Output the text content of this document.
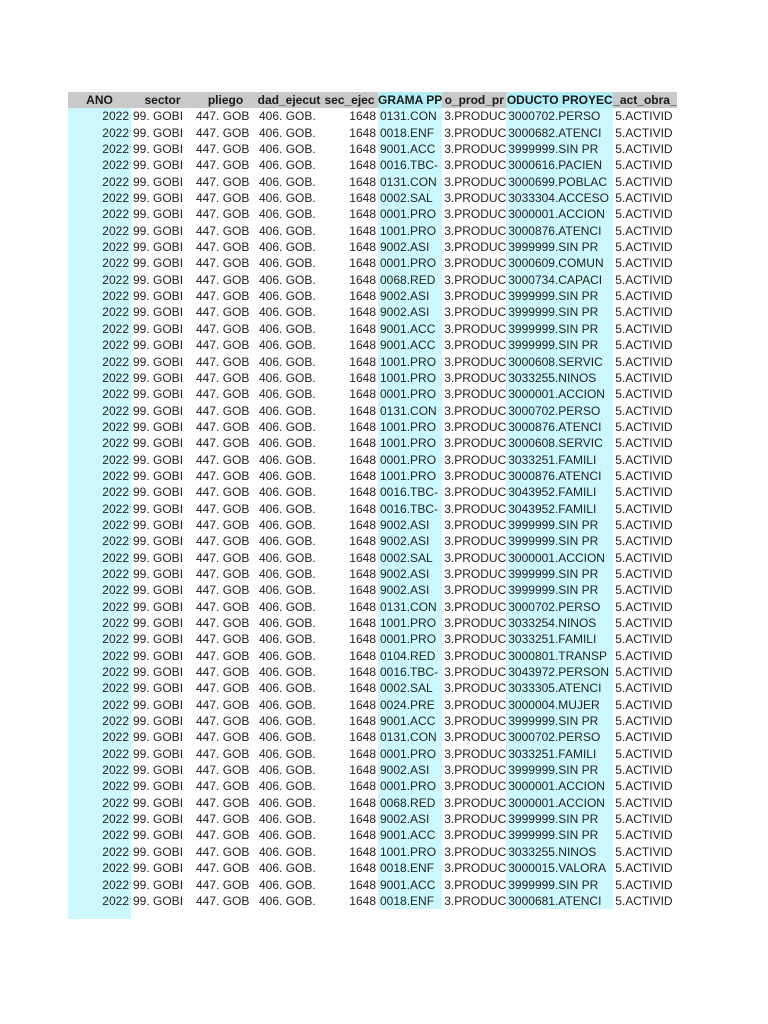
ANO	sector	pliego	dad_ejecut	sec_ejec	GRAMA PP	o_prod_pr	ODUCTO PROYEC	_act_obra_
2022	99. GOBI	447. GOB	406. GOB.	1648	0131.CON	3.PRODUC	3000702.PERSO	5.ACTIVID
2022	99. GOBI	447. GOB	406. GOB.	1648	0018.ENF	3.PRODUC	3000682.ATENCI	5.ACTIVID
2022	99. GOBI	447. GOB	406. GOB.	1648	9001.ACC	3.PRODUC	3999999.SIN PR	5.ACTIVID
2022	99. GOBI	447. GOB	406. GOB.	1648	0016.TBC-	3.PRODUC	3000616.PACIEN	5.ACTIVID
2022	99. GOBI	447. GOB	406. GOB.	1648	0131.CON	3.PRODUC	3000699.POBLAC	5.ACTIVID
2022	99. GOBI	447. GOB	406. GOB.	1648	0002.SAL	3.PRODUC	3033304.ACCESO	5.ACTIVID
2022	99. GOBI	447. GOB	406. GOB.	1648	0001.PRO	3.PRODUC	3000001.ACCION	5.ACTIVID
2022	99. GOBI	447. GOB	406. GOB.	1648	1001.PRO	3.PRODUC	3000876.ATENCI	5.ACTIVID
2022	99. GOBI	447. GOB	406. GOB.	1648	9002.ASI	3.PRODUC	3999999.SIN PR	5.ACTIVID
2022	99. GOBI	447. GOB	406. GOB.	1648	0001.PRO	3.PRODUC	3000609.COMUN	5.ACTIVID
2022	99. GOBI	447. GOB	406. GOB.	1648	0068.RED	3.PRODUC	3000734.CAPACI	5.ACTIVID
2022	99. GOBI	447. GOB	406. GOB.	1648	9002.ASI	3.PRODUC	3999999.SIN PR	5.ACTIVID
2022	99. GOBI	447. GOB	406. GOB.	1648	9002.ASI	3.PRODUC	3999999.SIN PR	5.ACTIVID
2022	99. GOBI	447. GOB	406. GOB.	1648	9001.ACC	3.PRODUC	3999999.SIN PR	5.ACTIVID
2022	99. GOBI	447. GOB	406. GOB.	1648	9001.ACC	3.PRODUC	3999999.SIN PR	5.ACTIVID
2022	99. GOBI	447. GOB	406. GOB.	1648	1001.PRO	3.PRODUC	3000608.SERVIC	5.ACTIVID
2022	99. GOBI	447. GOB	406. GOB.	1648	1001.PRO	3.PRODUC	3033255.NINOS	5.ACTIVID
2022	99. GOBI	447. GOB	406. GOB.	1648	0001.PRO	3.PRODUC	3000001.ACCION	5.ACTIVID
2022	99. GOBI	447. GOB	406. GOB.	1648	0131.CON	3.PRODUC	3000702.PERSO	5.ACTIVID
2022	99. GOBI	447. GOB	406. GOB.	1648	1001.PRO	3.PRODUC	3000876.ATENCI	5.ACTIVID
2022	99. GOBI	447. GOB	406. GOB.	1648	1001.PRO	3.PRODUC	3000608.SERVIC	5.ACTIVID
2022	99. GOBI	447. GOB	406. GOB.	1648	0001.PRO	3.PRODUC	3033251.FAMILI	5.ACTIVID
2022	99. GOBI	447. GOB	406. GOB.	1648	1001.PRO	3.PRODUC	3000876.ATENCI	5.ACTIVID
2022	99. GOBI	447. GOB	406. GOB.	1648	0016.TBC-	3.PRODUC	3043952.FAMILI	5.ACTIVID
2022	99. GOBI	447. GOB	406. GOB.	1648	0016.TBC-	3.PRODUC	3043952.FAMILI	5.ACTIVID
2022	99. GOBI	447. GOB	406. GOB.	1648	9002.ASI	3.PRODUC	3999999.SIN PR	5.ACTIVID
2022	99. GOBI	447. GOB	406. GOB.	1648	9002.ASI	3.PRODUC	3999999.SIN PR	5.ACTIVID
2022	99. GOBI	447. GOB	406. GOB.	1648	0002.SAL	3.PRODUC	3000001.ACCION	5.ACTIVID
2022	99. GOBI	447. GOB	406. GOB.	1648	9002.ASI	3.PRODUC	3999999.SIN PR	5.ACTIVID
2022	99. GOBI	447. GOB	406. GOB.	1648	9002.ASI	3.PRODUC	3999999.SIN PR	5.ACTIVID
2022	99. GOBI	447. GOB	406. GOB.	1648	0131.CON	3.PRODUC	3000702.PERSO	5.ACTIVID
2022	99. GOBI	447. GOB	406. GOB.	1648	1001.PRO	3.PRODUC	3033254.NINOS	5.ACTIVID
2022	99. GOBI	447. GOB	406. GOB.	1648	0001.PRO	3.PRODUC	3033251.FAMILI	5.ACTIVID
2022	99. GOBI	447. GOB	406. GOB.	1648	0104.RED	3.PRODUC	3000801.TRANSP	5.ACTIVID
2022	99. GOBI	447. GOB	406. GOB.	1648	0016.TBC-	3.PRODUC	3043972.PERSON	5.ACTIVID
2022	99. GOBI	447. GOB	406. GOB.	1648	0002.SAL	3.PRODUC	3033305.ATENCI	5.ACTIVID
2022	99. GOBI	447. GOB	406. GOB.	1648	0024.PRE	3.PRODUC	3000004.MUJER	5.ACTIVID
2022	99. GOBI	447. GOB	406. GOB.	1648	9001.ACC	3.PRODUC	3999999.SIN PR	5.ACTIVID
2022	99. GOBI	447. GOB	406. GOB.	1648	0131.CON	3.PRODUC	3000702.PERSO	5.ACTIVID
2022	99. GOBI	447. GOB	406. GOB.	1648	0001.PRO	3.PRODUC	3033251.FAMILI	5.ACTIVID
2022	99. GOBI	447. GOB	406. GOB.	1648	9002.ASI	3.PRODUC	3999999.SIN PR	5.ACTIVID
2022	99. GOBI	447. GOB	406. GOB.	1648	0001.PRO	3.PRODUC	3000001.ACCION	5.ACTIVID
2022	99. GOBI	447. GOB	406. GOB.	1648	0068.RED	3.PRODUC	3000001.ACCION	5.ACTIVID
2022	99. GOBI	447. GOB	406. GOB.	1648	9002.ASI	3.PRODUC	3999999.SIN PR	5.ACTIVID
2022	99. GOBI	447. GOB	406. GOB.	1648	9001.ACC	3.PRODUC	3999999.SIN PR	5.ACTIVID
2022	99. GOBI	447. GOB	406. GOB.	1648	1001.PRO	3.PRODUC	3033255.NINOS	5.ACTIVID
2022	99. GOBI	447. GOB	406. GOB.	1648	0018.ENF	3.PRODUC	3000015.VALORA	5.ACTIVID
2022	99. GOBI	447. GOB	406. GOB.	1648	9001.ACC	3.PRODUC	3999999.SIN PR	5.ACTIVID
2022	99. GOBI	447. GOB	406. GOB.	1648	0018.ENF	3.PRODUC	3000681.ATENCI	5.ACTIVID
